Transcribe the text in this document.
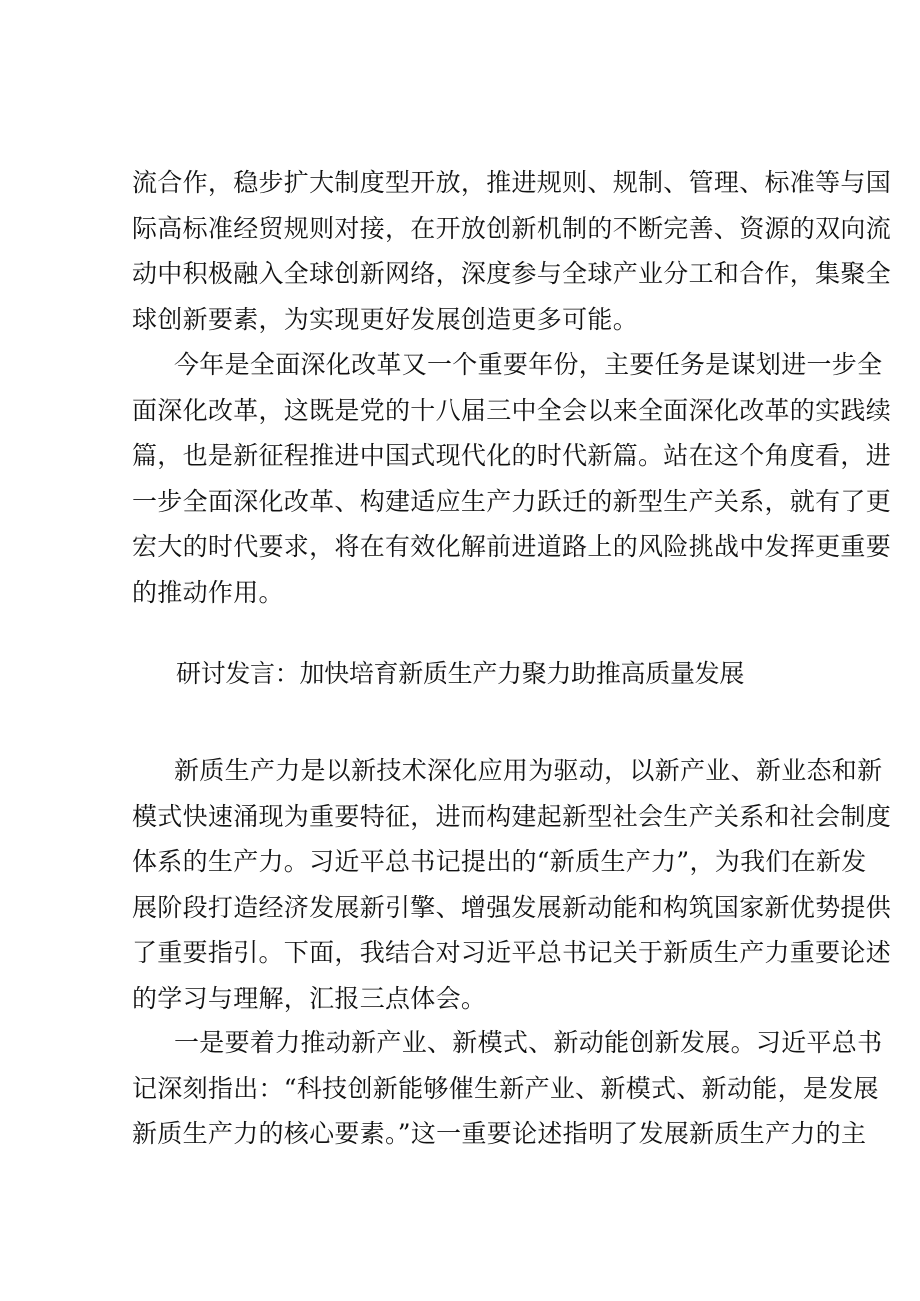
流合作，稳步扩大制度型开放，推进规则、规制、管理、标准等与国
际高标准经贸规则对接，在开放创新机制的不断完善、资源的双向流
动中积极融入全球创新网络，深度参与全球产业分工和合作，集聚全
球创新要素，为实现更好发展创造更多可能。
今年是全面深化改革又一个重要年份，主要任务是谋划进一步全
面深化改革，这既是党的十八届三中全会以来全面深化改革的实践续
篇，也是新征程推进中国式现代化的时代新篇。站在这个角度看，进
一步全面深化改革、构建适应生产力跃迁的新型生产关系，就有了更
宏大的时代要求，将在有效化解前进道路上的风险挑战中发挥更重要
的推动作用。
研讨发言：加快培育新质生产力聚力助推高质量发展
新质生产力是以新技术深化应用为驱动，以新产业、新业态和新
模式快速涌现为重要特征，进而构建起新型社会生产关系和社会制度
体系的生产力。习近平总书记提出的“新质生产力”，为我们在新发
展阶段打造经济发展新引擎、增强发展新动能和构筑国家新优势提供
了重要指引。下面，我结合对习近平总书记关于新质生产力重要论述
的学习与理解，汇报三点体会。
一是要着力推动新产业、新模式、新动能创新发展。习近平总书
记深刻指出：“科技创新能够催生新产业、新模式、新动能，是发展
新质生产力的核心要素。”这一重要论述指明了发展新质生产力的主
